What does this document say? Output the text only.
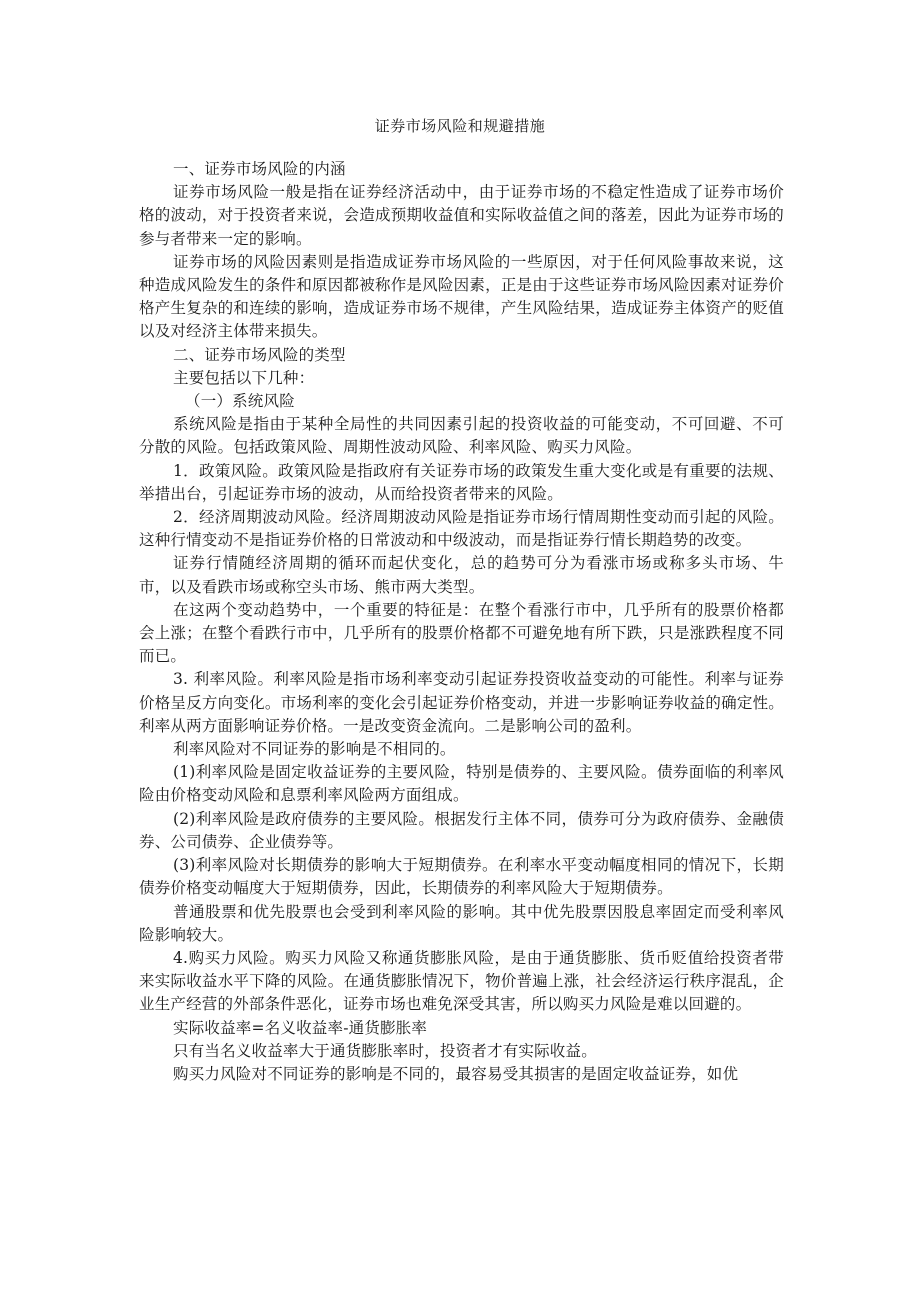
证券市场风险和规避措施

一、证券市场风险的内涵

证券市场风险一般是指在证券经济活动中，由于证券市场的不稳定性造成了证券市场价格的波动，对于投资者来说，会造成预期收益值和实际收益值之间的落差，因此为证券市场的参与者带来一定的影响。

证券市场的风险因素则是指造成证券市场风险的一些原因，对于任何风险事故来说，这种造成风险发生的条件和原因都被称作是风险因素，正是由于这些证券市场风险因素对证券价格产生复杂的和连续的影响，造成证券市场不规律，产生风险结果，造成证券主体资产的贬值以及对经济主体带来损失。

二、证券市场风险的类型

主要包括以下几种：

（一）系统风险

系统风险是指由于某种全局性的共同因素引起的投资收益的可能变动，不可回避、不可分散的风险。包括政策风险、周期性波动风险、利率风险、购买力风险。

1．政策风险。政策风险是指政府有关证券市场的政策发生重大变化或是有重要的法规、举措出台，引起证券市场的波动，从而给投资者带来的风险。

2．经济周期波动风险。经济周期波动风险是指证券市场行情周期性变动而引起的风险。这种行情变动不是指证券价格的日常波动和中级波动，而是指证券行情长期趋势的改变。

证券行情随经济周期的循环而起伏变化，总的趋势可分为看涨市场或称多头市场、牛市，以及看跌市场或称空头市场、熊市两大类型。

在这两个变动趋势中，一个重要的特征是：在整个看涨行市中，几乎所有的股票价格都会上涨；在整个看跌行市中，几乎所有的股票价格都不可避免地有所下跌，只是涨跌程度不同而已。

3. 利率风险。利率风险是指市场利率变动引起证券投资收益变动的可能性。利率与证券价格呈反方向变化。市场利率的变化会引起证券价格变动，并进一步影响证券收益的确定性。利率从两方面影响证券价格。一是改变资金流向。二是影响公司的盈利。

利率风险对不同证券的影响是不相同的。

(1)利率风险是固定收益证券的主要风险，特别是债券的、主要风险。债券面临的利率风险由价格变动风险和息票利率风险两方面组成。

(2)利率风险是政府债券的主要风险。根据发行主体不同，债券可分为政府债券、金融债券、公司债券、企业债券等。

(3)利率风险对长期债券的影响大于短期债券。在利率水平变动幅度相同的情况下，长期债券价格变动幅度大于短期债券，因此，长期债券的利率风险大于短期债券。

普通股票和优先股票也会受到利率风险的影响。其中优先股票因股息率固定而受利率风险影响较大。

4.购买力风险。购买力风险又称通货膨胀风险，是由于通货膨胀、货币贬值给投资者带来实际收益水平下降的风险。在通货膨胀情况下，物价普遍上涨，社会经济运行秩序混乱，企业生产经营的外部条件恶化，证券市场也难免深受其害，所以购买力风险是难以回避的。

实际收益率=名义收益率-通货膨胀率

只有当名义收益率大于通货膨胀率时，投资者才有实际收益。

购买力风险对不同证券的影响是不同的，最容易受其损害的是固定收益证券，如优
